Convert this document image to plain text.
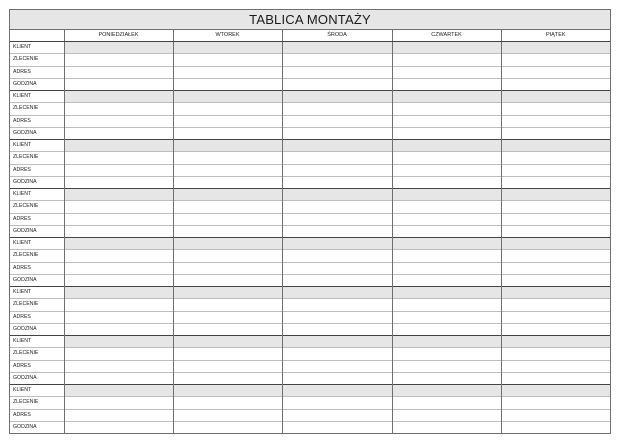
TABLICA MONTAŻY
	PONIEDZIAŁEK	WTOREK	ŚRODA	CZWARTEK	PIĄTEK
KLIENT					
ZLECENIE					
ADRES					
GODZINA					
KLIENT					
ZLECENIE					
ADRES					
GODZINA					
KLIENT					
ZLECENIE					
ADRES					
GODZINA					
KLIENT					
ZLECENIE					
ADRES					
GODZINA					
KLIENT					
ZLECENIE					
ADRES					
GODZINA					
KLIENT					
ZLECENIE					
ADRES					
GODZINA					
KLIENT					
ZLECENIE					
ADRES					
GODZINA					
KLIENT					
ZLECENIE					
ADRES					
GODZINA					
